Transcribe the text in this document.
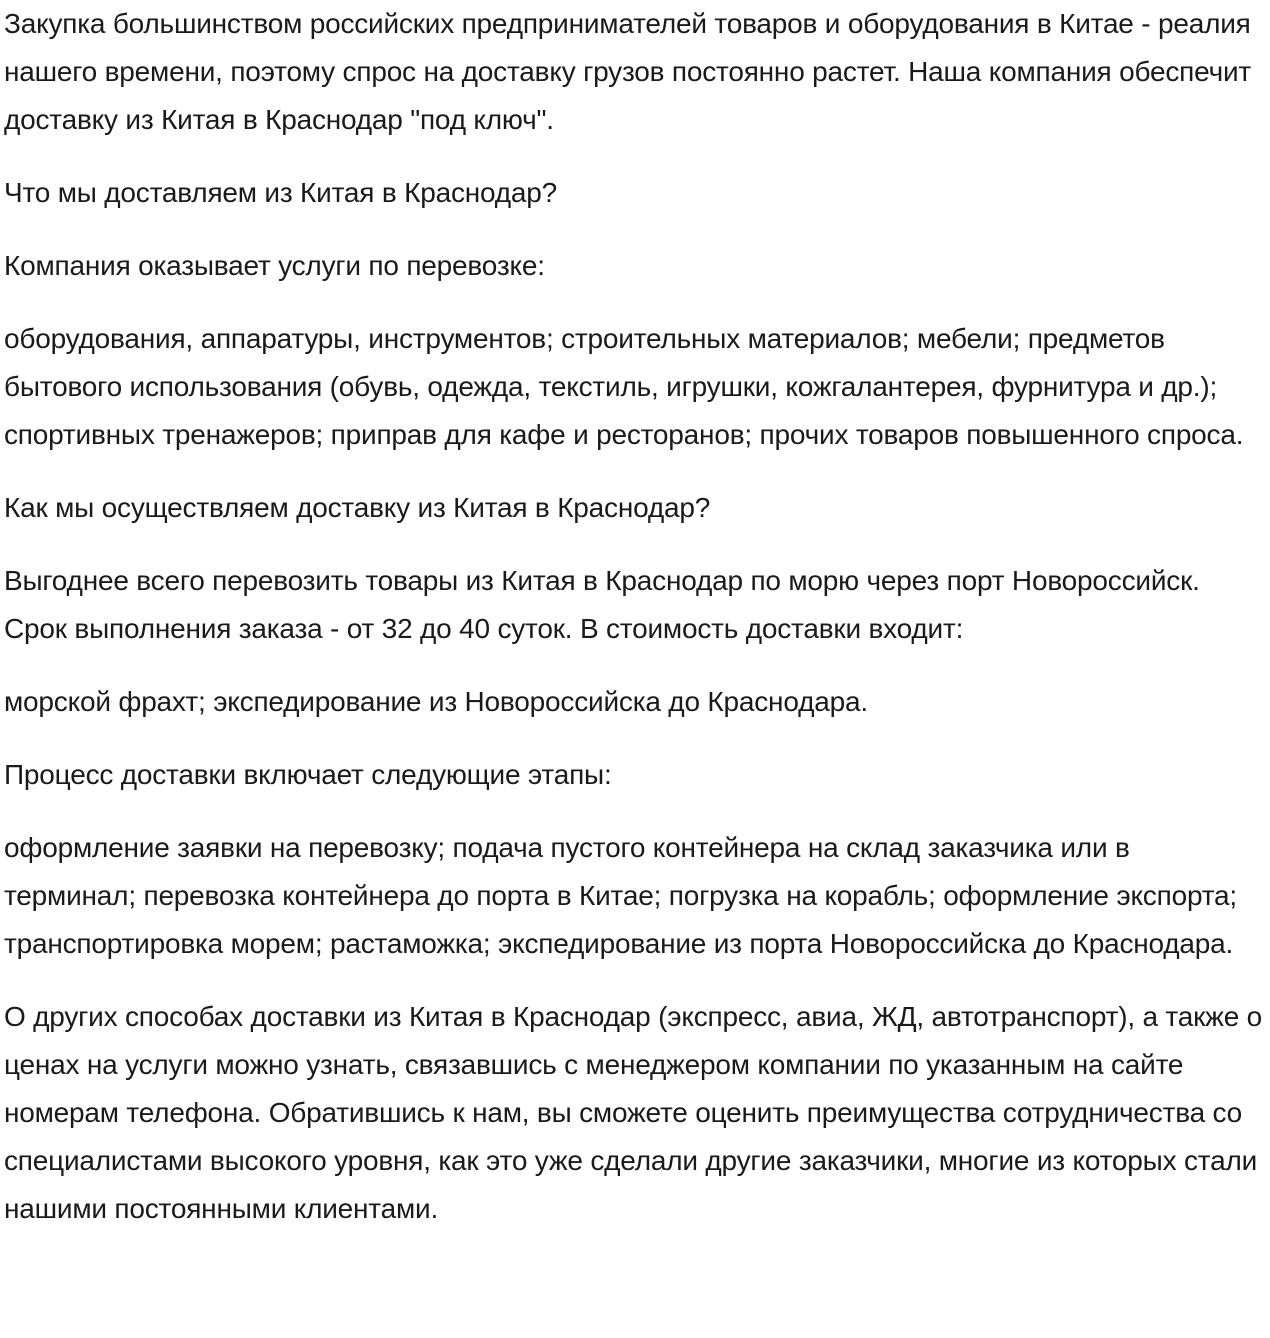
Закупка большинством российских предпринимателей товаров и оборудования в Китае - реалия нашего времени, поэтому спрос на доставку грузов постоянно растет. Наша компания обеспечит доставку из Китая в Краснодар "под ключ".

Что мы доставляем из Китая в Краснодар?

Компания оказывает услуги по перевозке:

оборудования, аппаратуры, инструментов; строительных материалов; мебели; предметов бытового использования (обувь, одежда, текстиль, игрушки, кожгалантерея, фурнитура и др.); спортивных тренажеров; приправ для кафе и ресторанов; прочих товаров повышенного спроса.

Как мы осуществляем доставку из Китая в Краснодар?

Выгоднее всего перевозить товары из Китая в Краснодар по морю через порт Новороссийск. Срок выполнения заказа - от 32 до 40 суток. В стоимость доставки входит:

морской фрахт; экспедирование из Новороссийска до Краснодара.

Процесс доставки включает следующие этапы:

оформление заявки на перевозку; подача пустого контейнера на склад заказчика или в терминал; перевозка контейнера до порта в Китае; погрузка на корабль; оформление экспорта; транспортировка морем; растаможка; экспедирование из порта Новороссийска до Краснодара.

О других способах доставки из Китая в Краснодар (экспресс, авиа, ЖД, автотранспорт), а также о ценах на услуги можно узнать, связавшись с менеджером компании по указанным на сайте номерам телефона. Обратившись к нам, вы сможете оценить преимущества сотрудничества со специалистами высокого уровня, как это уже сделали другие заказчики, многие из которых стали нашими постоянными клиентами.
